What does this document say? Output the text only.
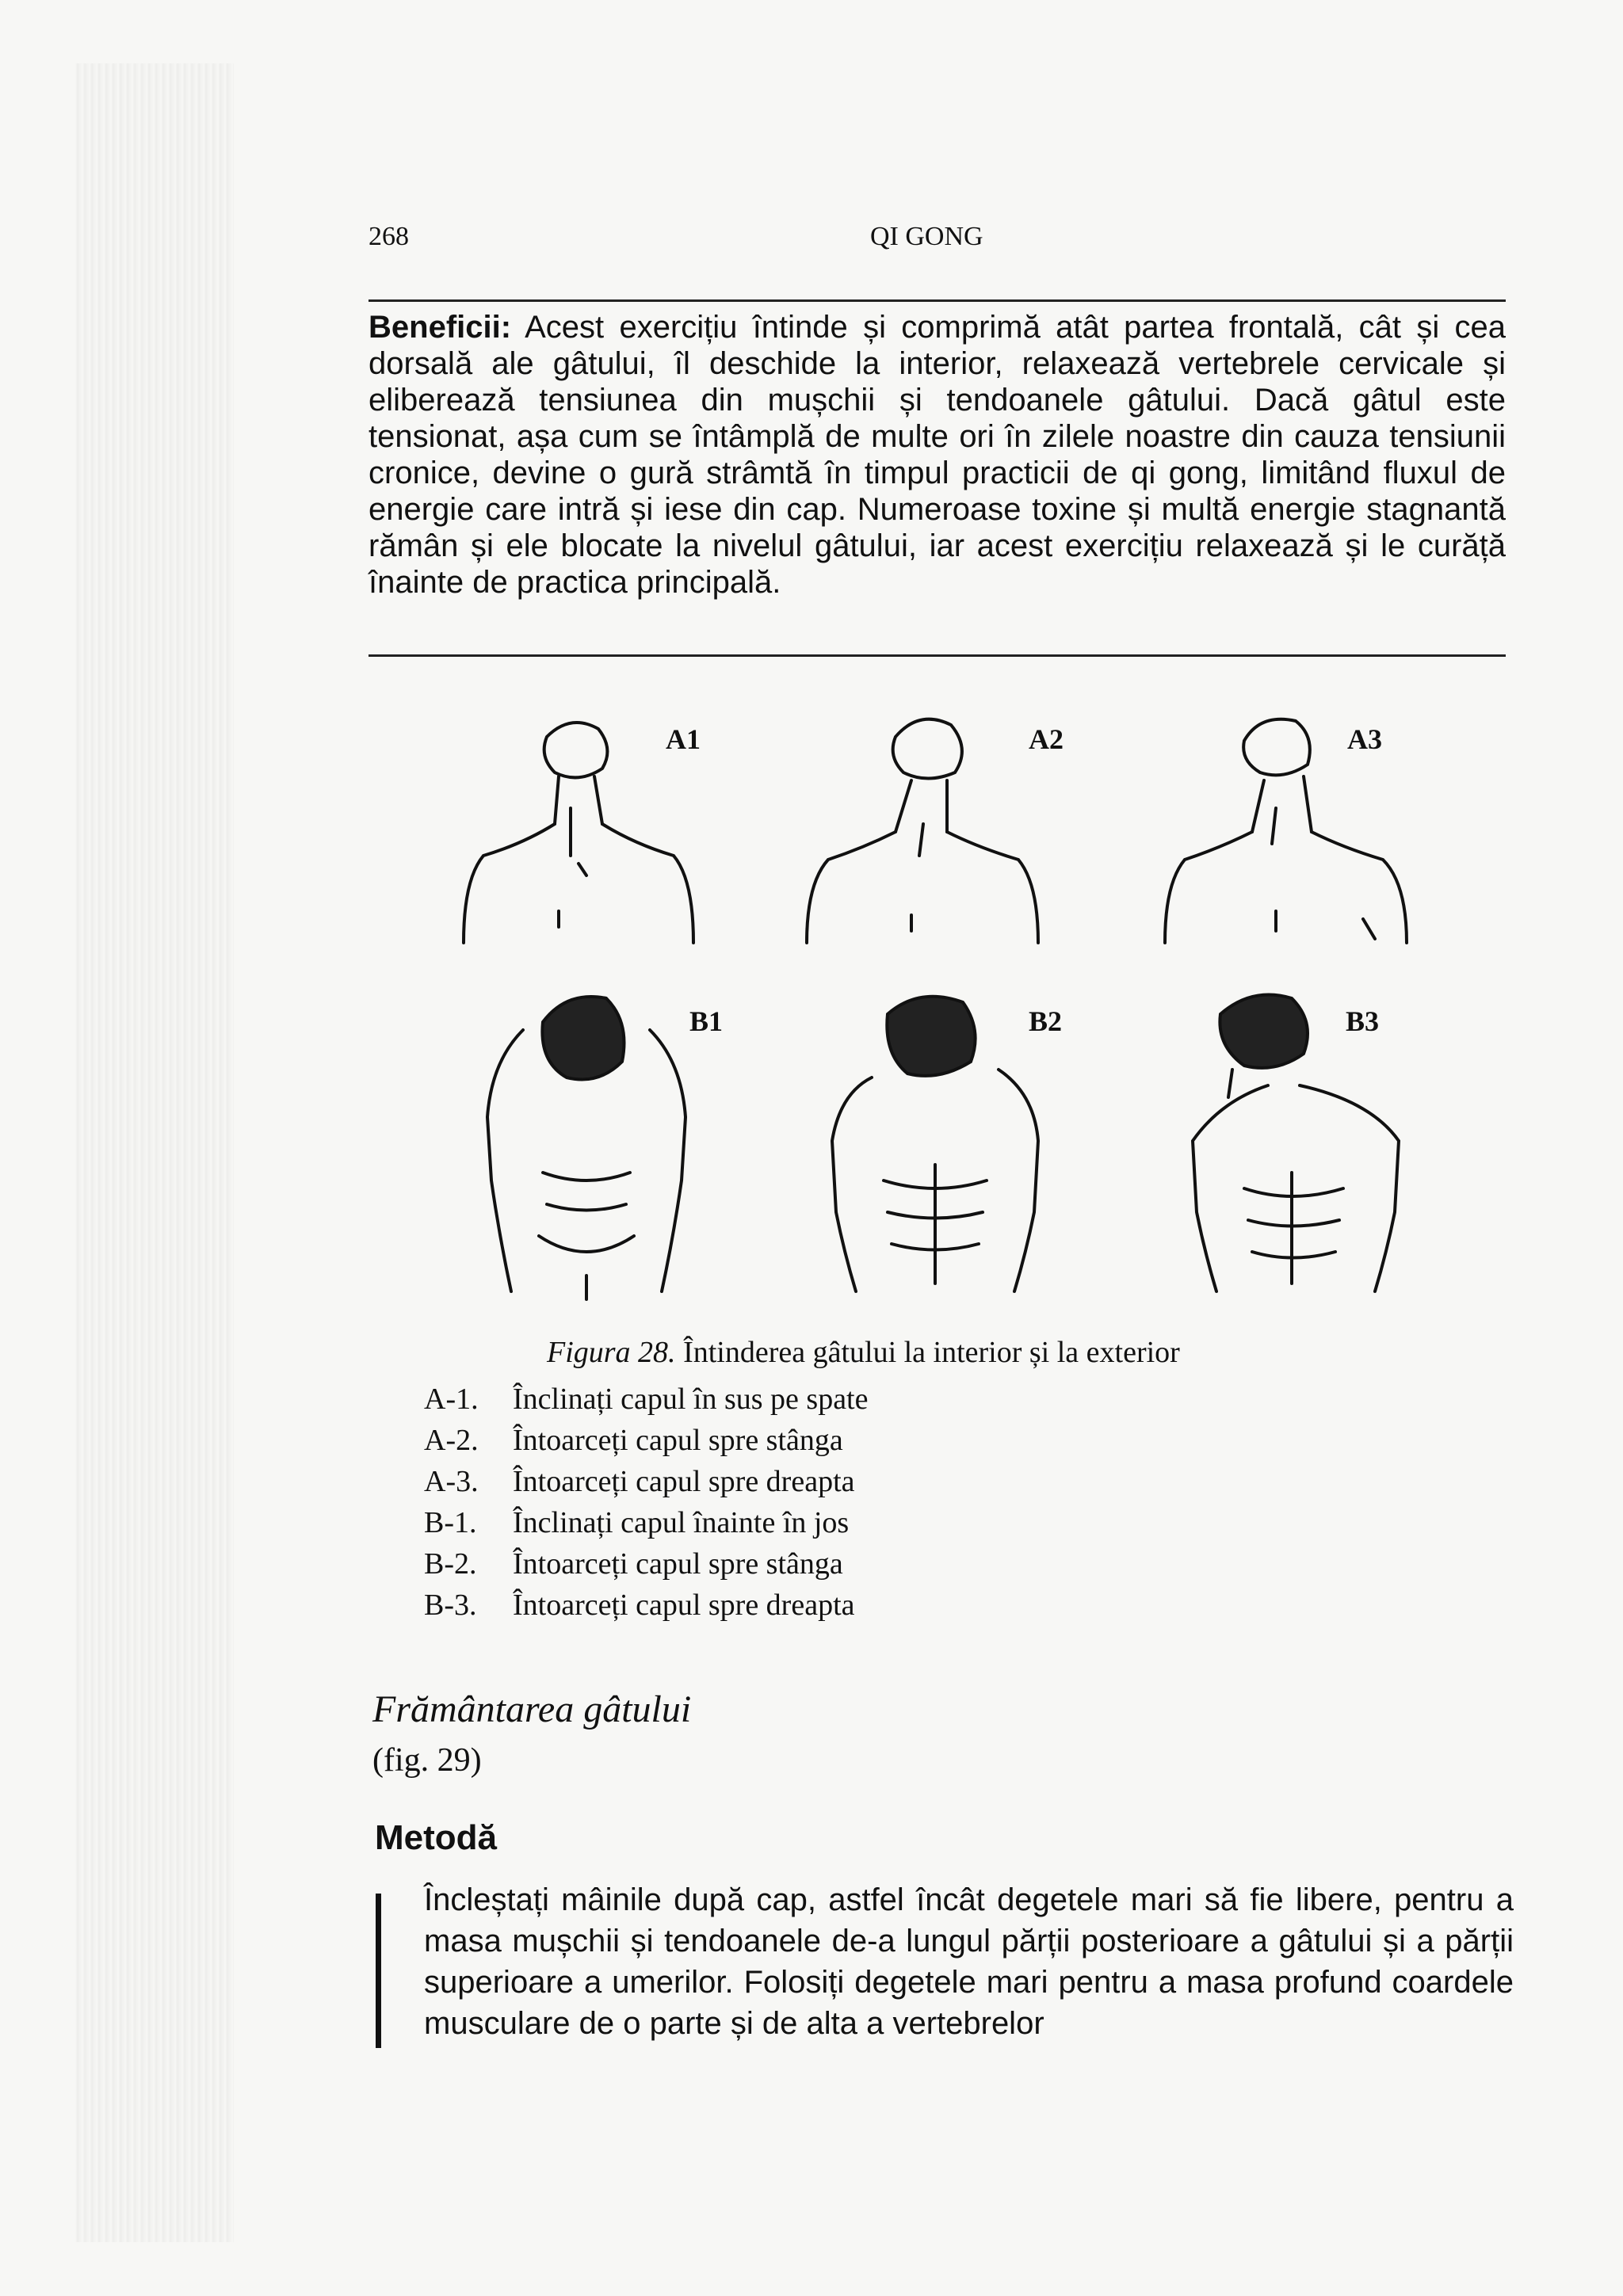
268	QI GONG
Beneficii: Acest exercițiu întinde și comprimă atât partea frontală, cât și cea dorsală ale gâtului, îl deschide la interior, relaxează vertebrele cervicale și eliberează tensiunea din mușchii și tendoanele gâtului. Dacă gâtul este tensionat, așa cum se întâmplă de multe ori în zilele noastre din cauza tensiunii cronice, devine o gură strâmtă în timpul practicii de qi gong, limitând fluxul de energie care intră și iese din cap. Numeroase toxine și multă energie stagnantă rămân și ele blocate la nivelul gâtului, iar acest exercițiu relaxează și le curăță înainte de practica principală.
A1	A2	A3
B1	B2	B3
Figura 28. Întinderea gâtului la interior și la exterior
A-1. Înclinați capul în sus pe spate
A-2. Întoarceți capul spre stânga
A-3. Întoarceți capul spre dreapta
B-1. Înclinați capul înainte în jos
B-2. Întoarceți capul spre stânga
B-3. Întoarceți capul spre dreapta
Frământarea gâtului
(fig. 29)
Metodă
Încleștați mâinile după cap, astfel încât degetele mari să fie libere, pentru a masa mușchii și tendoanele de-a lungul părții posterioare a gâtului și a părții superioare a umerilor. Folosiți degetele mari pentru a masa profund coardele musculare de o parte și de alta a vertebrelor
